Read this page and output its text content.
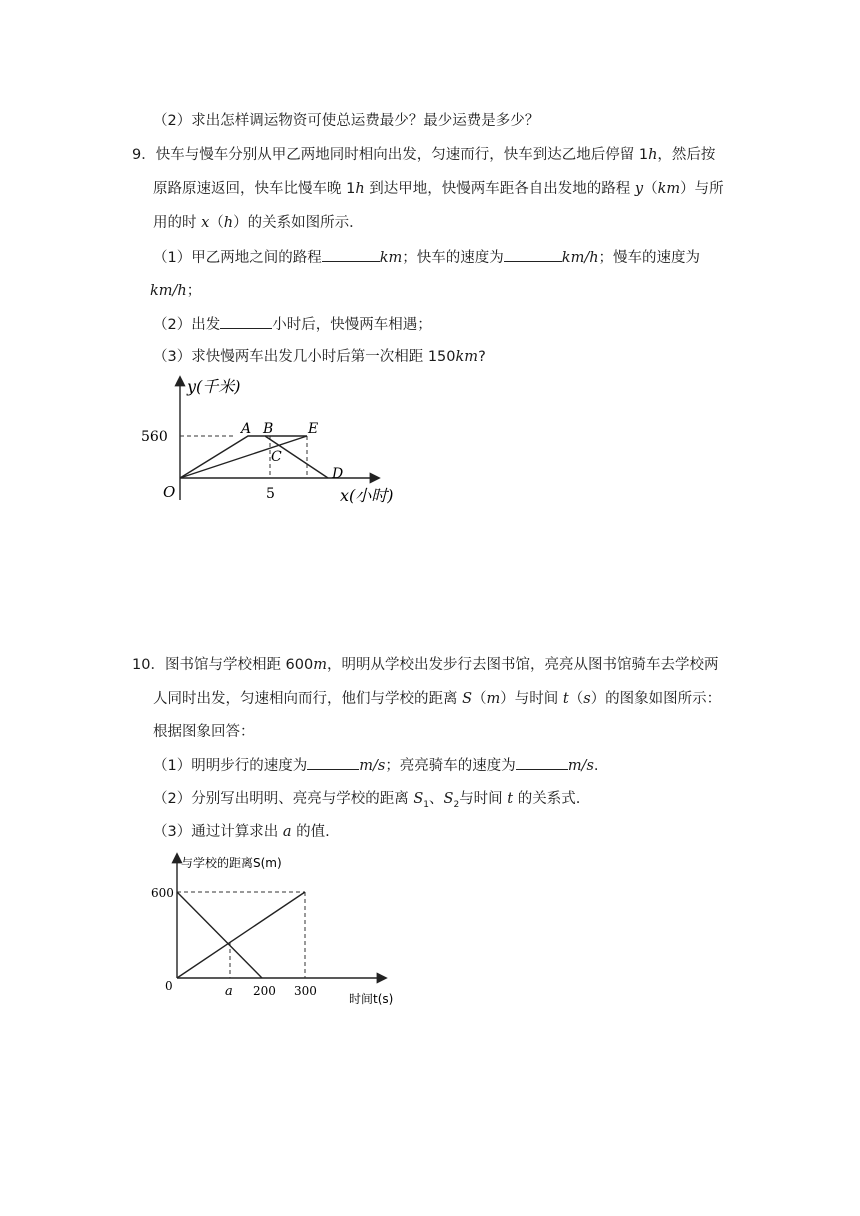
（2）求出怎样调运物资可使总运费最少？最少运费是多少？
9．快车与慢车分别从甲乙两地同时相向出发，匀速而行，快车到达乙地后停留 1h，然后按
原路原速返回，快车比慢车晚 1h 到达甲地，快慢两车距各自出发地的路程 y（km）与所
用的时 x（h）的关系如图所示．
（1）甲乙两地之间的路程	km；快车的速度为	km/h；慢车的速度为
km/h；
（2）出发	小时后，快慢两车相遇；
（3）求快慢两车出发几小时后第一次相距 150km?
y(千米)
560
5
O	x(小时)
A B
C
D
E
10．图书馆与学校相距 600m，明明从学校出发步行去图书馆，亮亮从图书馆骑车去学校两
人同时出发，匀速相向而行，他们与学校的距离 S（m）与时间 t（s）的图象如图所示：
根据图象回答：
（1）明明步行的速度为	m/s；亮亮骑车的速度为	m/s.
（2）分别写出明明、亮亮与学校的距离 $S_1$、$S_2$与时间 t 的关系式.
（3）通过计算求出 a 的值.
与学校的距离S(m)
600
0	a 200 300
时间t(s)
